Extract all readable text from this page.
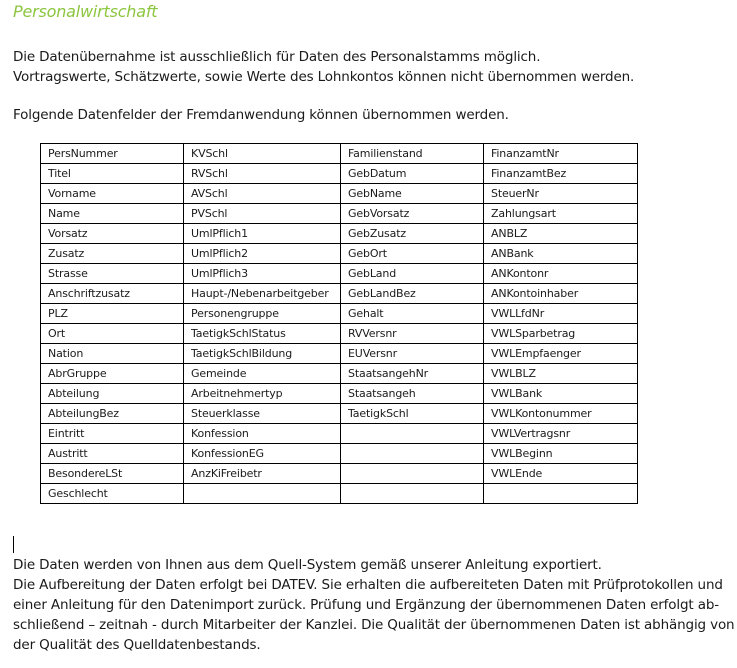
Personalwirtschaft
Die Datenübernahme ist ausschließlich für Daten des Personalstamms möglich.
Vortragswerte, Schätzwerte, sowie Werte des Lohnkontos können nicht übernommen werden.
Folgende Datenfelder der Fremdanwendung können übernommen werden.
PersNummer	KVSchl	Familienstand	FinanzamtNr
Titel	RVSchl	GebDatum	FinanzamtBez
Vorname	AVSchl	GebName	SteuerNr
Name	PVSchl	GebVorsatz	Zahlungsart
Vorsatz	UmlPflich1	GebZusatz	ANBLZ
Zusatz	UmlPflich2	GebOrt	ANBank
Strasse	UmlPflich3	GebLand	ANKontonr
Anschriftzusatz	Haupt-/Nebenarbeitgeber	GebLandBez	ANKontoinhaber
PLZ	Personengruppe	Gehalt	VWLLfdNr
Ort	TaetigkSchlStatus	RVVersnr	VWLSparbetrag
Nation	TaetigkSchlBildung	EUVersnr	VWLEmpfaenger
AbrGruppe	Gemeinde	StaatsangehNr	VWLBLZ
Abteilung	Arbeitnehmertyp	Staatsangeh	VWLBank
AbteilungBez	Steuerklasse	TaetigkSchl	VWLKontonummer
Eintritt	Konfession		VWLVertragsnr
Austritt	KonfessionEG		VWLBeginn
BesondereLSt	AnzKiFreibetr		VWLEnde
Geschlecht			
Die Daten werden von Ihnen aus dem Quell-System gemäß unserer Anleitung exportiert.
Die Aufbereitung der Daten erfolgt bei DATEV. Sie erhalten die aufbereiteten Daten mit Prüfprotokollen und
einer Anleitung für den Datenimport zurück. Prüfung und Ergänzung der übernommenen Daten erfolgt ab-
schließend – zeitnah - durch Mitarbeiter der Kanzlei. Die Qualität der übernommenen Daten ist abhängig von
der Qualität des Quelldatenbestands.
